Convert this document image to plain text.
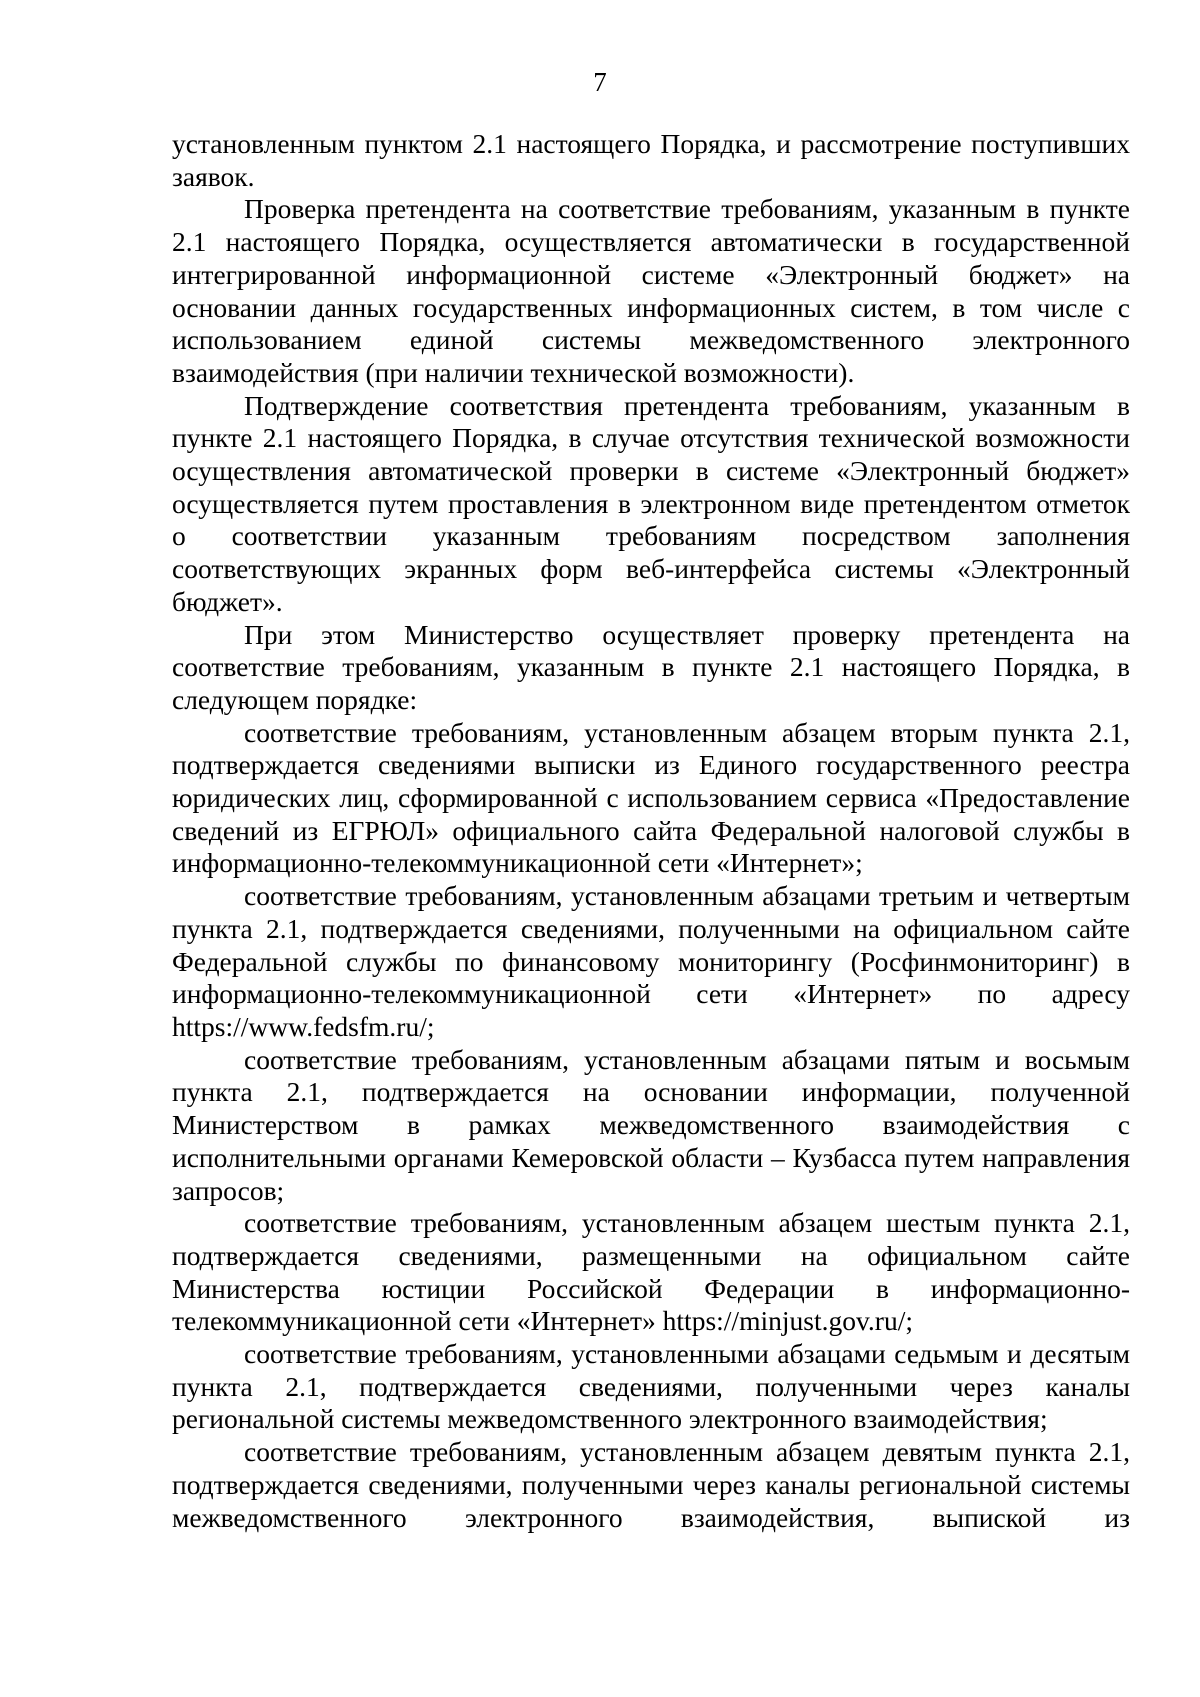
7

установленным пунктом 2.1 настоящего Порядка, и рассмотрение поступивших заявок.

Проверка претендента на соответствие требованиям, указанным в пункте 2.1 настоящего Порядка, осуществляется автоматически в государственной интегрированной информационной системе «Электронный бюджет» на основании данных государственных информационных систем, в том числе с использованием единой системы межведомственного электронного взаимодействия (при наличии технической возможности).

Подтверждение соответствия претендента требованиям, указанным в пункте 2.1 настоящего Порядка, в случае отсутствия технической возможности осуществления автоматической проверки в системе «Электронный бюджет» осуществляется путем проставления в электронном виде претендентом отметок о соответствии указанным требованиям посредством заполнения соответствующих экранных форм веб-интерфейса системы «Электронный бюджет».

При этом Министерство осуществляет проверку претендента на соответствие требованиям, указанным в пункте 2.1 настоящего Порядка, в следующем порядке:

соответствие требованиям, установленным абзацем вторым пункта 2.1, подтверждается сведениями выписки из Единого государственного реестра юридических лиц, сформированной с использованием сервиса «Предоставление сведений из ЕГРЮЛ» официального сайта Федеральной налоговой службы в информационно-телекоммуникационной сети «Интернет»;

соответствие требованиям, установленным абзацами третьим и четвертым пункта 2.1, подтверждается сведениями, полученными на официальном сайте Федеральной службы по финансовому мониторингу (Росфинмониторинг) в информационно-телекоммуникационной сети «Интернет» по адресу https://www.fedsfm.ru/;

соответствие требованиям, установленным абзацами пятым и восьмым пункта 2.1, подтверждается на основании информации, полученной Министерством в рамках межведомственного взаимодействия с исполнительными органами Кемеровской области – Кузбасса путем направления запросов;

соответствие требованиям, установленным абзацем шестым пункта 2.1, подтверждается сведениями, размещенными на официальном сайте Министерства юстиции Российской Федерации в информационно-телекоммуникационной сети «Интернет» https://minjust.gov.ru/;

соответствие требованиям, установленными абзацами седьмым и десятым пункта 2.1, подтверждается сведениями, полученными через каналы региональной системы межведомственного электронного взаимодействия;

соответствие требованиям, установленным абзацем девятым пункта 2.1, подтверждается сведениями, полученными через каналы региональной системы межведомственного электронного взаимодействия, выпиской из
